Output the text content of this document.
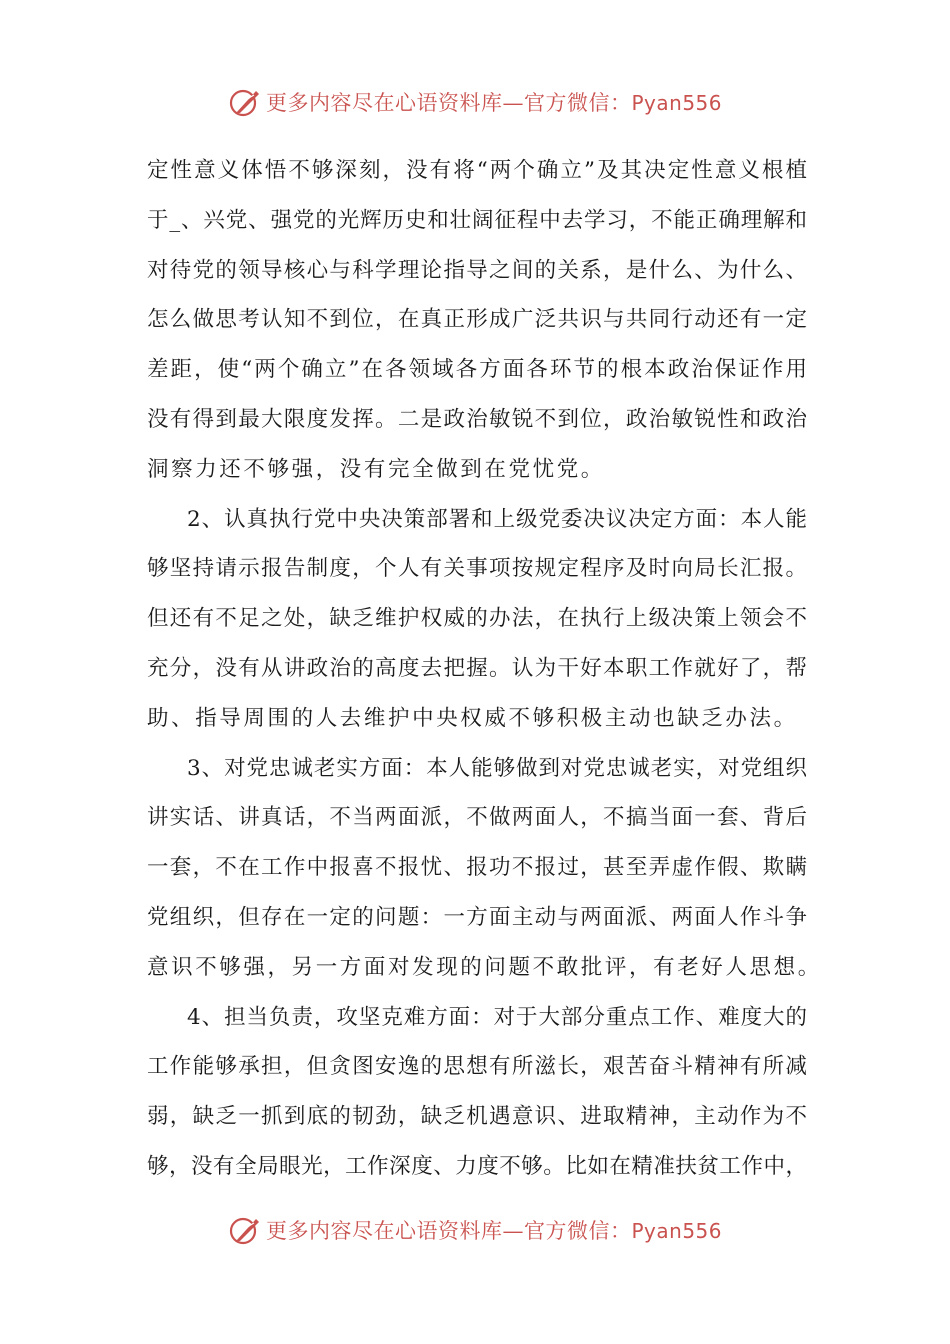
更多内容尽在心语资料库—官方微信：Pyan556
定性意义体悟不够深刻，没有将“两个确立”及其决定性意义根植
于_、兴党、强党的光辉历史和壮阔征程中去学习，不能正确理解和
对待党的领导核心与科学理论指导之间的关系，是什么、为什么、
怎么做思考认知不到位，在真正形成广泛共识与共同行动还有一定
差距，使“两个确立”在各领域各方面各环节的根本政治保证作用
没有得到最大限度发挥。二是政治敏锐不到位，政治敏锐性和政治
洞察力还不够强，没有完全做到在党忧党。
2、认真执行党中央决策部署和上级党委决议决定方面：本人能
够坚持请示报告制度，个人有关事项按规定程序及时向局长汇报。
但还有不足之处，缺乏维护权威的办法，在执行上级决策上领会不
充分，没有从讲政治的高度去把握。认为干好本职工作就好了，帮
助、指导周围的人去维护中央权威不够积极主动也缺乏办法。
3、对党忠诚老实方面：本人能够做到对党忠诚老实，对党组织
讲实话、讲真话，不当两面派，不做两面人，不搞当面一套、背后
一套，不在工作中报喜不报忧、报功不报过，甚至弄虚作假、欺瞒
党组织，但存在一定的问题：一方面主动与两面派、两面人作斗争
意识不够强，另一方面对发现的问题不敢批评，有老好人思想。
4、担当负责，攻坚克难方面：对于大部分重点工作、难度大的
工作能够承担，但贪图安逸的思想有所滋长，艰苦奋斗精神有所减
弱，缺乏一抓到底的韧劲，缺乏机遇意识、进取精神，主动作为不
够，没有全局眼光，工作深度、力度不够。比如在精准扶贫工作中，
更多内容尽在心语资料库—官方微信：Pyan556
